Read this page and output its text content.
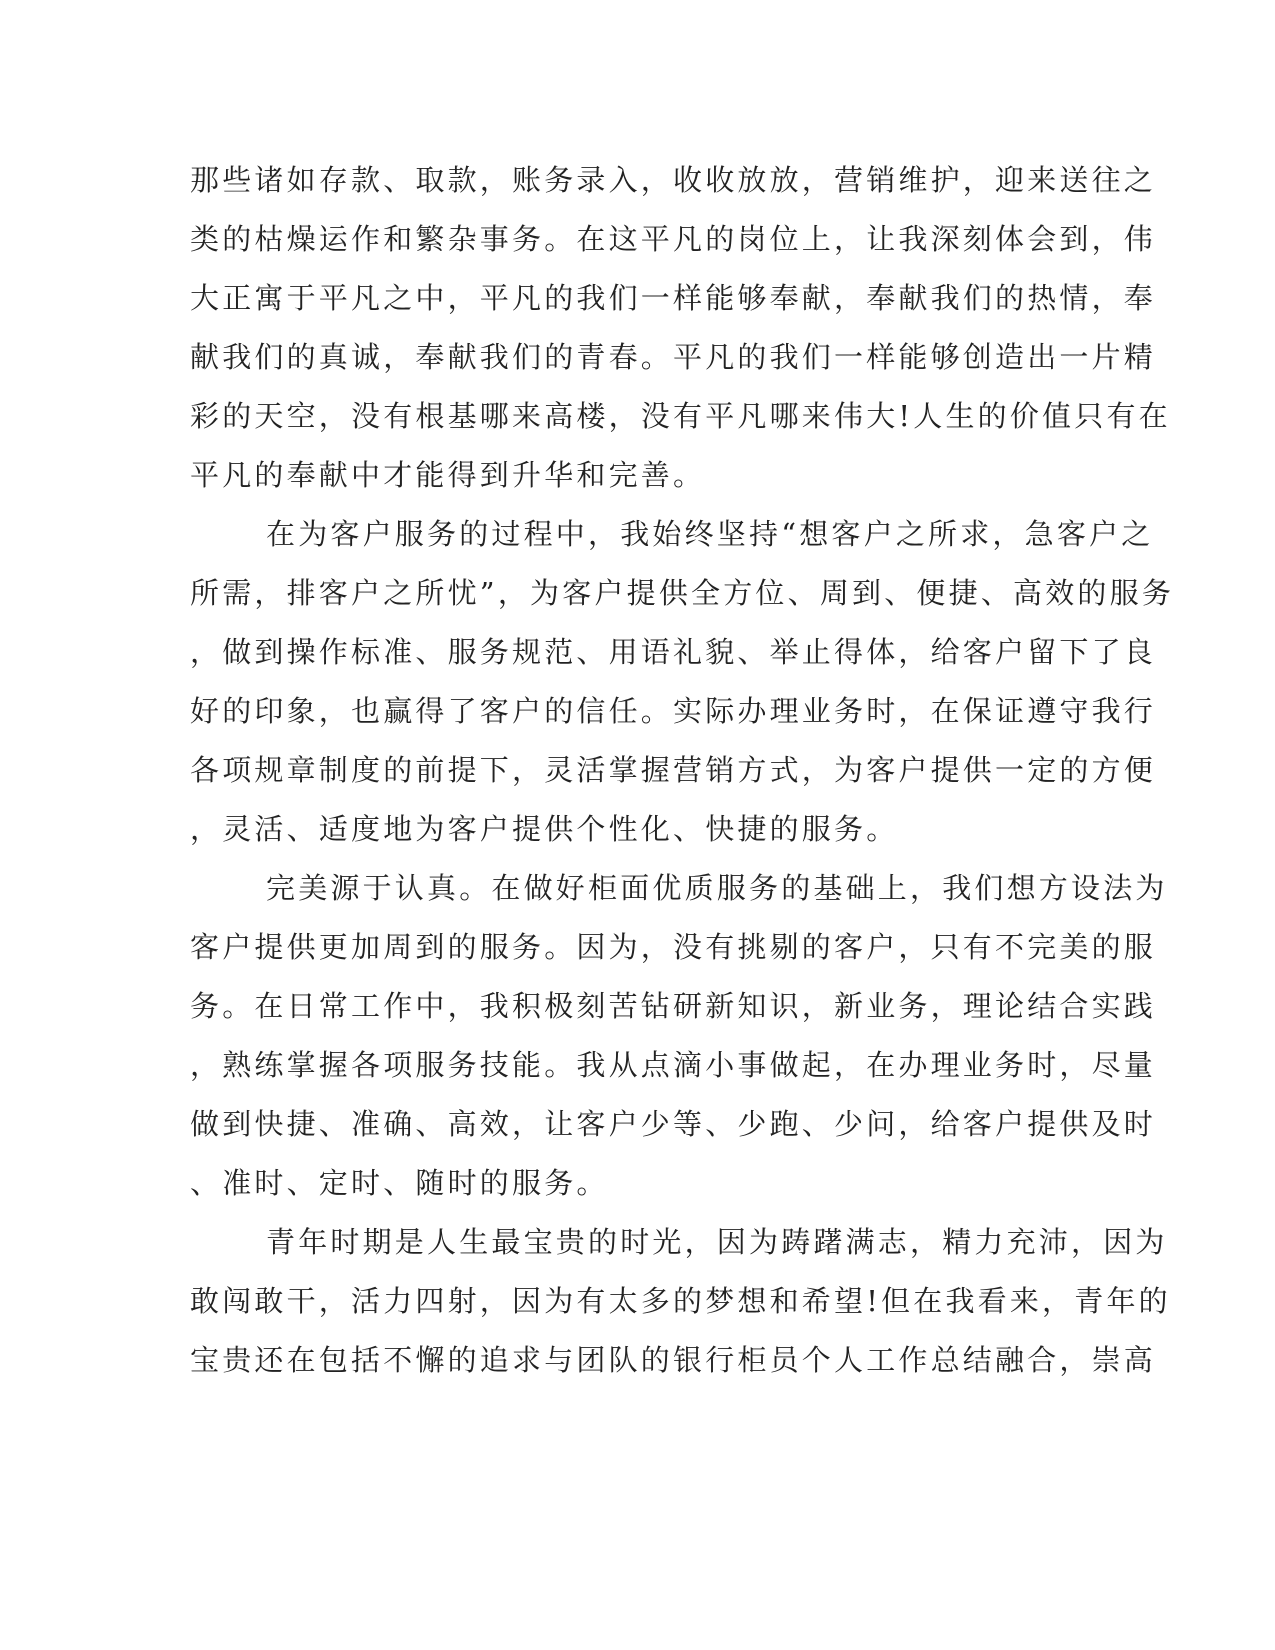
那些诸如存款、取款，账务录入，收收放放，营销维护，迎来送往之
类的枯燥运作和繁杂事务。在这平凡的岗位上，让我深刻体会到，伟
大正寓于平凡之中，平凡的我们一样能够奉献，奉献我们的热情，奉
献我们的真诚，奉献我们的青春。平凡的我们一样能够创造出一片精
彩的天空，没有根基哪来高楼，没有平凡哪来伟大!人生的价值只有在
平凡的奉献中才能得到升华和完善。
在为客户服务的过程中，我始终坚持“想客户之所求，急客户之
所需，排客户之所忧”，为客户提供全方位、周到、便捷、高效的服务
，做到操作标准、服务规范、用语礼貌、举止得体，给客户留下了良
好的印象，也赢得了客户的信任。实际办理业务时，在保证遵守我行
各项规章制度的前提下，灵活掌握营销方式，为客户提供一定的方便
，灵活、适度地为客户提供个性化、快捷的服务。
完美源于认真。在做好柜面优质服务的基础上，我们想方设法为
客户提供更加周到的服务。因为，没有挑剔的客户，只有不完美的服
务。在日常工作中，我积极刻苦钻研新知识，新业务，理论结合实践
，熟练掌握各项服务技能。我从点滴小事做起，在办理业务时，尽量
做到快捷、准确、高效，让客户少等、少跑、少问，给客户提供及时
、准时、定时、随时的服务。
青年时期是人生最宝贵的时光，因为踌躇满志，精力充沛，因为
敢闯敢干，活力四射，因为有太多的梦想和希望!但在我看来，青年的
宝贵还在包括不懈的追求与团队的银行柜员个人工作总结融合，崇高
